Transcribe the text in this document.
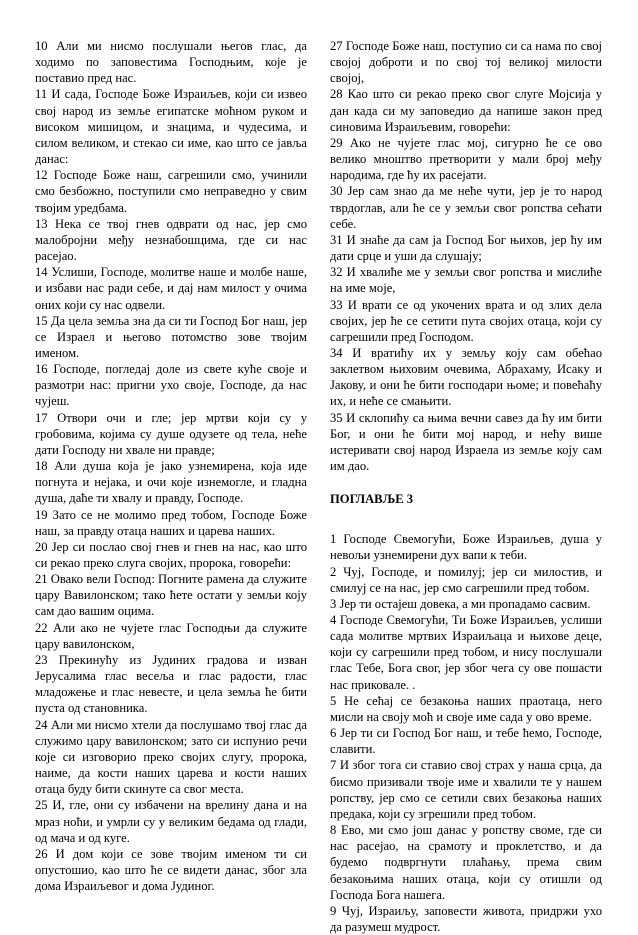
10 Али ми нисмо послушали његов глас, да ходимо по заповестима Господњим, које је поставио пред нас.

11 И сада, Господе Боже Израиљев, који си извео свој народ из земље египатске моћном руком и високом мишицом, и знацима, и чудесима, и силом великом, и стекао си име, као што се јавља данас:

12 Господе Боже наш, сагрешили смо, учинили смо безбожно, поступили смо неправедно у свим твојим уредбама.

13 Нека се твој гнев одврати од нас, јер смо малобројни међу незнабошцима, где си нас расејао.

14 Услиши, Господе, молитве наше и молбе наше, и избави нас ради себе, и дај нам милост у очима оних који су нас одвели.

15 Да цела земља зна да си ти Господ Бог наш, јер се Израел и његово потомство зове твојим именом.

16 Господе, погледај доле из свете куће своје и размотри нас: пригни ухо своје, Господе, да нас чујеш.

17 Отвори очи и гле; јер мртви који су у гробовима, којима су душе одузете од тела, неће дати Господу ни хвале ни правде;

18 Али душа која је јако узнемирена, која иде погнута и нејака, и очи које изнемогле, и гладна душа, даће ти хвалу и правду, Господе.

19 Зато се не молимо пред тобом, Господе Боже наш, за правду отаца наших и царева наших.

20 Јер си послао свој гнев и гнев на нас, као што си рекао преко слуга својих, пророка, говорећи:

21 Овако вели Господ: Погните рамена да служите цару Вавилонском; тако ћете остати у земљи коју сам дао вашим оцима.

22 Али ако не чујете глас Господњи да служите цару вавилонском,

23 Прекинућу из Јудиних градова и изван Јерусалима глас весеља и глас радости, глас младожење и глас невесте, и цела земља ће бити пуста од становника.

24 Али ми нисмо хтели да послушамо твој глас да служимо цару вавилонском; зато си испунио речи које си изговорио преко својих слугу, пророка, наиме, да кости наших царева и кости наших отаца буду бити скинуте са свог места.

25 И, гле, они су избачени на врелину дана и на мраз ноћи, и умрли су у великим бедама од глади, од мача и од куге.

26 И дом који се зове твојим именом ти си опустошио, као што ће се видети данас, због зла дома Израиљевог и дома Јудиног.

27 Господе Боже наш, поступио си са нама по свој својој доброти и по свој тој великој милости својој,

28 Као што си рекао преко свог слуге Мојсија у дан када си му заповедио да напише закон пред синовима Израиљевим, говорећи:

29 Ако не чујете глас мој, сигурно ће се ово велико мноштво претворити у мали број међу народима, где ћу их расејати.

30 Јер сам знао да ме неће чути, јер је то народ тврдоглав, али ће се у земљи свог ропства сећати себе.

31 И знаће да сам ја Господ Бог њихов, јер ћу им дати срце и уши да слушају;

32 И хвалиће ме у земљи свог ропства и мислиће на име моје,

33 И врати се од укочених врата и од злих дела својих, јер ће се сетити пута својих отаца, који су сагрешили пред Господом.

34 И вратићу их у земљу коју сам обећао заклетвом њиховим очевима, Абрахаму, Исаку и Јакову, и они ће бити господари њоме; и повећаћу их, и неће се смањити.

35 И склопићу са њима вечни савез да ћу им бити Бог, и они ће бити мој народ, и нећу више истеривати свој народ Израела из земље коју сам им дао.

ПОГЛАВЉЕ 3

1 Господе Свемогући, Боже Израиљев, душа у невољи узнемирени дух вапи к теби.

2 Чуј, Господе, и помилуј; јер си милостив, и смилуј се на нас, јер смо сагрешили пред тобом.

3 Јер ти остајеш довека, а ми пропадамо сасвим.

4 Господе Свемогући, Ти Боже Израиљев, услиши сада молитве мртвих Израиљаца и њихове деце, који су сагрешили пред тобом, и нису послушали глас Тебе, Бога свог, јер због чега су ове пошасти нас приковале. .

5 Не сећај се безакоња наших праотаца, него мисли на своју моћ и своје име сада у ово време.

6 Јер ти си Господ Бог наш, и тебе ћемо, Господе, славити.

7 И због тога си ставио свој страх у наша срца, да бисмо призивали твоје име и хвалили те у нашем ропству, јер смо се сетили свих безакоња наших предака, који су згрешили пред тобом.

8 Ево, ми смо још данас у ропству своме, где си нас расејао, на срамоту и проклетство, и да будемо подвргнути плаћању, према свим безакоњима наших отаца, који су отишли од Господа Бога нашега.

9 Чуј, Израиљу, заповести живота, придржи ухо да разумеш мудрост.
